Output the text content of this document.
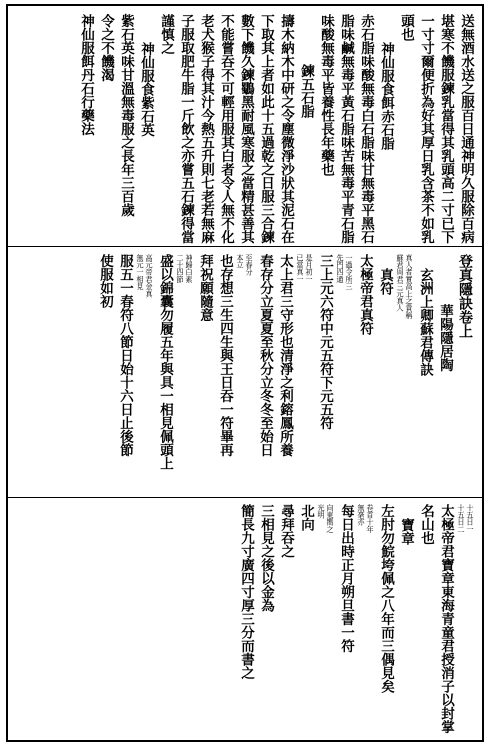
送無酒水送之服百日通神明久服除百病
堪寒不饑服鍊乳當得其乳頭高二寸已下
一寸寸爾便折為好其厚日乳含茶不如乳
頭也
神仙服食餌赤石脂
赤石脂味酸無毒白石脂味甘無毒平黑石
脂味鹹無毒平黃石脂味苦無毒平青石脂
味酸無毒平皆養性長年藥也
鍊五石脂
擣木納木中研之令塵微淨沙狀其泥石在
下取其上者如此十五過乾之日服三合鍊
數下饑久鍊鸀黑耐風寒服之當精甚善其
不能嘗吞不可輕用服其白者令人無不化
老犬猴子得其汁今熱五升則七老若無麻
子服取肥牛脂一斤飲之亦嘗五石鍊得當
謹慎之
神仙服食紫石英
紫石英味甘溫無毒服之長年三百歲
令之不饑渴
神仙服餌丹石行藥法
登真隱訣卷上
華陽隱居陶
玄洲上卿蘇君傳訣
真人者實高上之貴稱
蘇君周君三元真人
真符
太極帝君真符
一過令所三
先門四通
三上元六符中元五符下元五符
是月初一
已當真一
太上君三守形也清淨之利鎔鳳所養
春存分立夏夏至秋分立冬冬至始日
至春分
本立
也存想三生四生與王日吞一符畢再
拜祝願隨意
神歸白素
二十四節
盛以錦囊勿履五年與具一相見佩頭上
高元帝君金真
無元一相見
服五一春符八節日始十六日止後節
使服如初
十五日一
十五日二
太極帝君寶章東海青童君授消子以封掌
名山也
寶章
左肘勿鯇垮佩之八年而三偶見矣
卷首十年
無毫亦
每日出時正月朔旦書一符
向東嚮之
光明
北向
尋拜吞之
三相見之後以金為
簡長九寸廣四寸厚三分而書之
